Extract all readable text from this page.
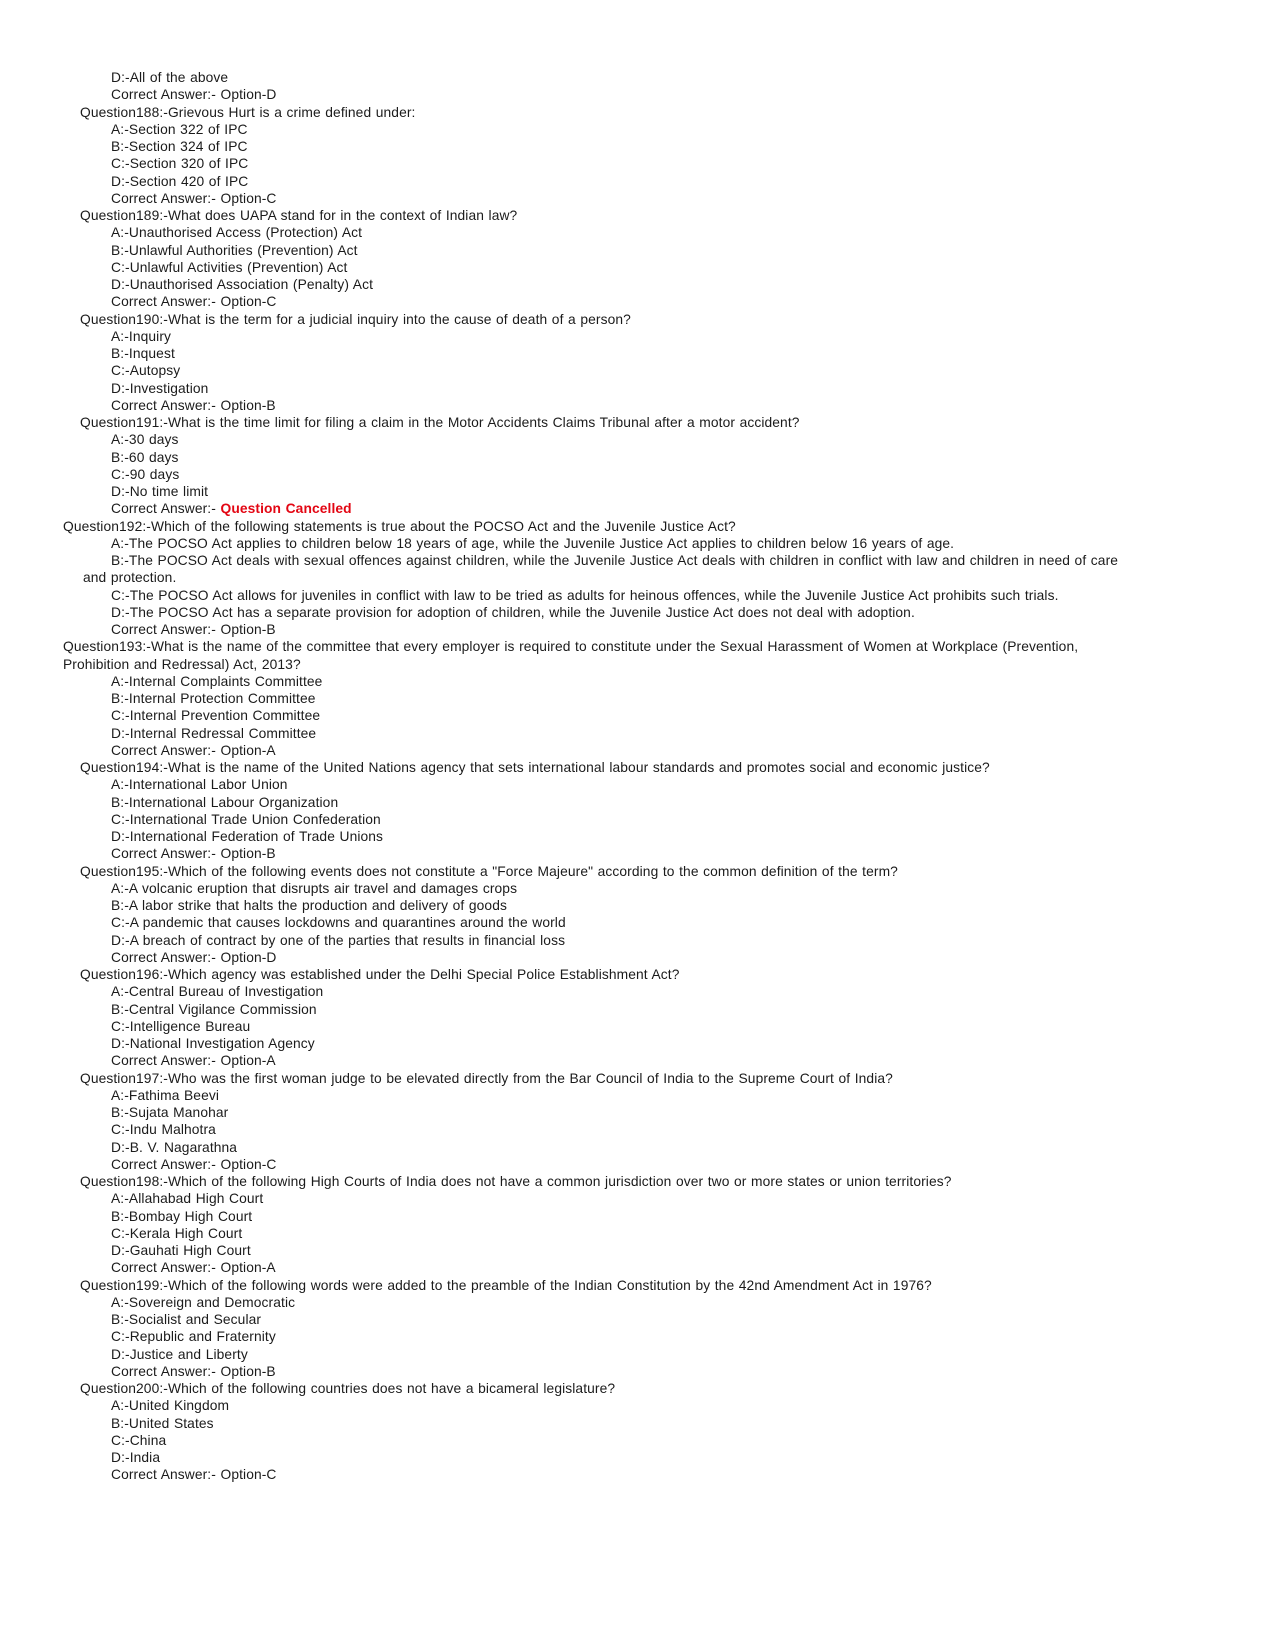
D:-All of the above
Correct Answer:- Option-D
Question188:-Grievous Hurt is a crime defined under:
A:-Section 322 of IPC
B:-Section 324 of IPC
C:-Section 320 of IPC
D:-Section 420 of IPC
Correct Answer:- Option-C
Question189:-What does UAPA stand for in the context of Indian law?
A:-Unauthorised Access (Protection) Act
B:-Unlawful Authorities (Prevention) Act
C:-Unlawful Activities (Prevention) Act
D:-Unauthorised Association (Penalty) Act
Correct Answer:- Option-C
Question190:-What is the term for a judicial inquiry into the cause of death of a person?
A:-Inquiry
B:-Inquest
C:-Autopsy
D:-Investigation
Correct Answer:- Option-B
Question191:-What is the time limit for filing a claim in the Motor Accidents Claims Tribunal after a motor accident?
A:-30 days
B:-60 days
C:-90 days
D:-No time limit
Correct Answer:- Question Cancelled
Question192:-Which of the following statements is true about the POCSO Act and the Juvenile Justice Act?
A:-The POCSO Act applies to children below 18 years of age, while the Juvenile Justice Act applies to children below 16 years of age.
B:-The POCSO Act deals with sexual offences against children, while the Juvenile Justice Act deals with children in conflict with law and children in need of care
and protection.
C:-The POCSO Act allows for juveniles in conflict with law to be tried as adults for heinous offences, while the Juvenile Justice Act prohibits such trials.
D:-The POCSO Act has a separate provision for adoption of children, while the Juvenile Justice Act does not deal with adoption.
Correct Answer:- Option-B
Question193:-What is the name of the committee that every employer is required to constitute under the Sexual Harassment of Women at Workplace (Prevention,
Prohibition and Redressal) Act, 2013?
A:-Internal Complaints Committee
B:-Internal Protection Committee
C:-Internal Prevention Committee
D:-Internal Redressal Committee
Correct Answer:- Option-A
Question194:-What is the name of the United Nations agency that sets international labour standards and promotes social and economic justice?
A:-International Labor Union
B:-International Labour Organization
C:-International Trade Union Confederation
D:-International Federation of Trade Unions
Correct Answer:- Option-B
Question195:-Which of the following events does not constitute a "Force Majeure" according to the common definition of the term?
A:-A volcanic eruption that disrupts air travel and damages crops
B:-A labor strike that halts the production and delivery of goods
C:-A pandemic that causes lockdowns and quarantines around the world
D:-A breach of contract by one of the parties that results in financial loss
Correct Answer:- Option-D
Question196:-Which agency was established under the Delhi Special Police Establishment Act?
A:-Central Bureau of Investigation
B:-Central Vigilance Commission
C:-Intelligence Bureau
D:-National Investigation Agency
Correct Answer:- Option-A
Question197:-Who was the first woman judge to be elevated directly from the Bar Council of India to the Supreme Court of India?
A:-Fathima Beevi
B:-Sujata Manohar
C:-Indu Malhotra
D:-B. V. Nagarathna
Correct Answer:- Option-C
Question198:-Which of the following High Courts of India does not have a common jurisdiction over two or more states or union territories?
A:-Allahabad High Court
B:-Bombay High Court
C:-Kerala High Court
D:-Gauhati High Court
Correct Answer:- Option-A
Question199:-Which of the following words were added to the preamble of the Indian Constitution by the 42nd Amendment Act in 1976?
A:-Sovereign and Democratic
B:-Socialist and Secular
C:-Republic and Fraternity
D:-Justice and Liberty
Correct Answer:- Option-B
Question200:-Which of the following countries does not have a bicameral legislature?
A:-United Kingdom
B:-United States
C:-China
D:-India
Correct Answer:- Option-C
